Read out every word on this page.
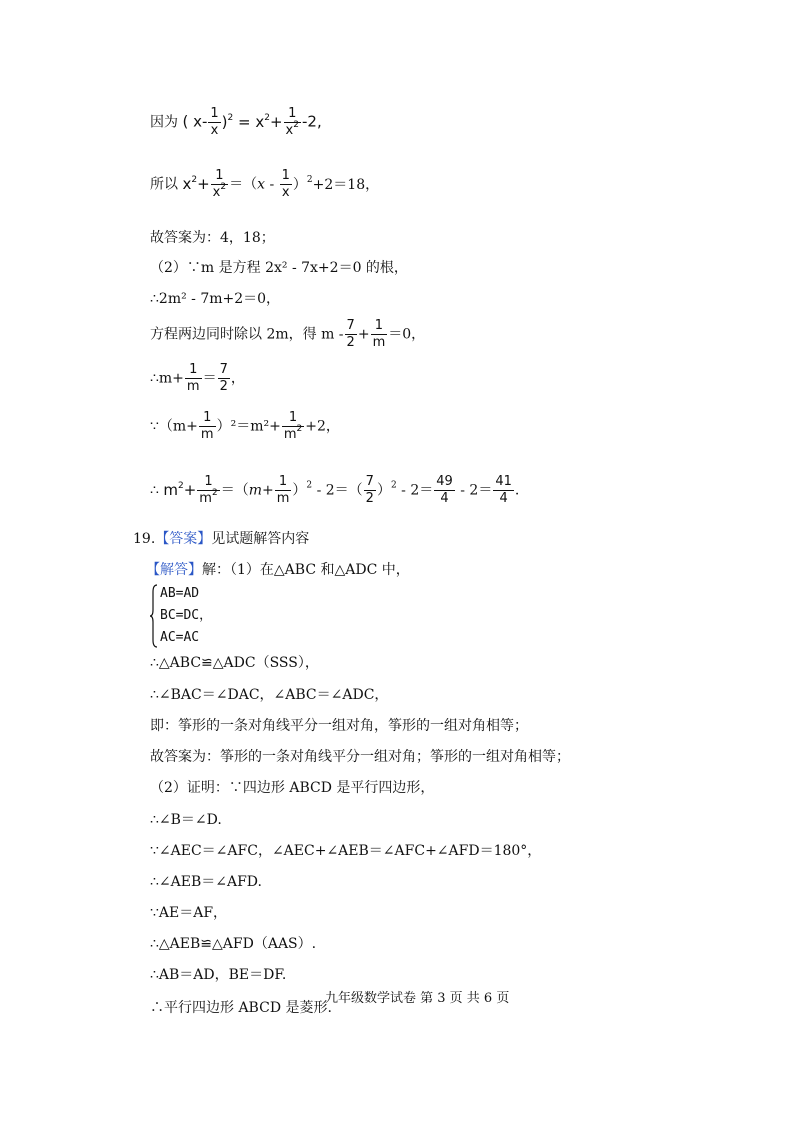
因为 ( $x- \frac{1}{x} )^2 = x^2+ \frac{1}{x^2} -2$,
所以 $x^2+ \frac{1}{x^2} =(x - \frac{1}{x} )^2+2=18$，
故答案为：4，18；
（2）∵m 是方程 2x² - 7x+2＝0 的根，
∴2m² - 7m+2＝0，
方程两边同时除以 2m，得 $m - \frac{7}{2} + \frac{1}{m} =0$，
∴m+ $\frac{1}{m} = \frac{7}{2}$ ，
∵（m+ $\frac{1}{m} )^2=m^2+ \frac{1}{m^2} +2$，
∴ $m^2+ \frac{1}{m^2} =(m+ \frac{1}{m} )^2 - 2=( \frac{7}{2} )^2 - 2= \frac{49}{4} - 2= \frac{41}{4}$ .
19.【答案】见试题解答内容
【解答】解：（1）在△ABC 和△ADC 中，
AB=AD
BC=DC，
AC=AC
∴△ABC≌△ADC（SSS），
∴∠BAC＝∠DAC，∠ABC＝∠ADC，
即：筝形的一条对角线平分一组对角，筝形的一组对角相等；
故答案为：筝形的一条对角线平分一组对角；筝形的一组对角相等；
（2）证明：∵四边形 ABCD 是平行四边形，
∴∠B＝∠D.
∵∠AEC＝∠AFC，∠AEC+∠AEB＝∠AFC+∠AFD＝180°，
∴∠AEB＝∠AFD.
∵AE＝AF，
∴△AEB≌△AFD（AAS）.
∴AB＝AD，BE＝DF.
∴平行四边形 ABCD 是菱形.
九年级数学试卷 第 3 页 共 6 页
